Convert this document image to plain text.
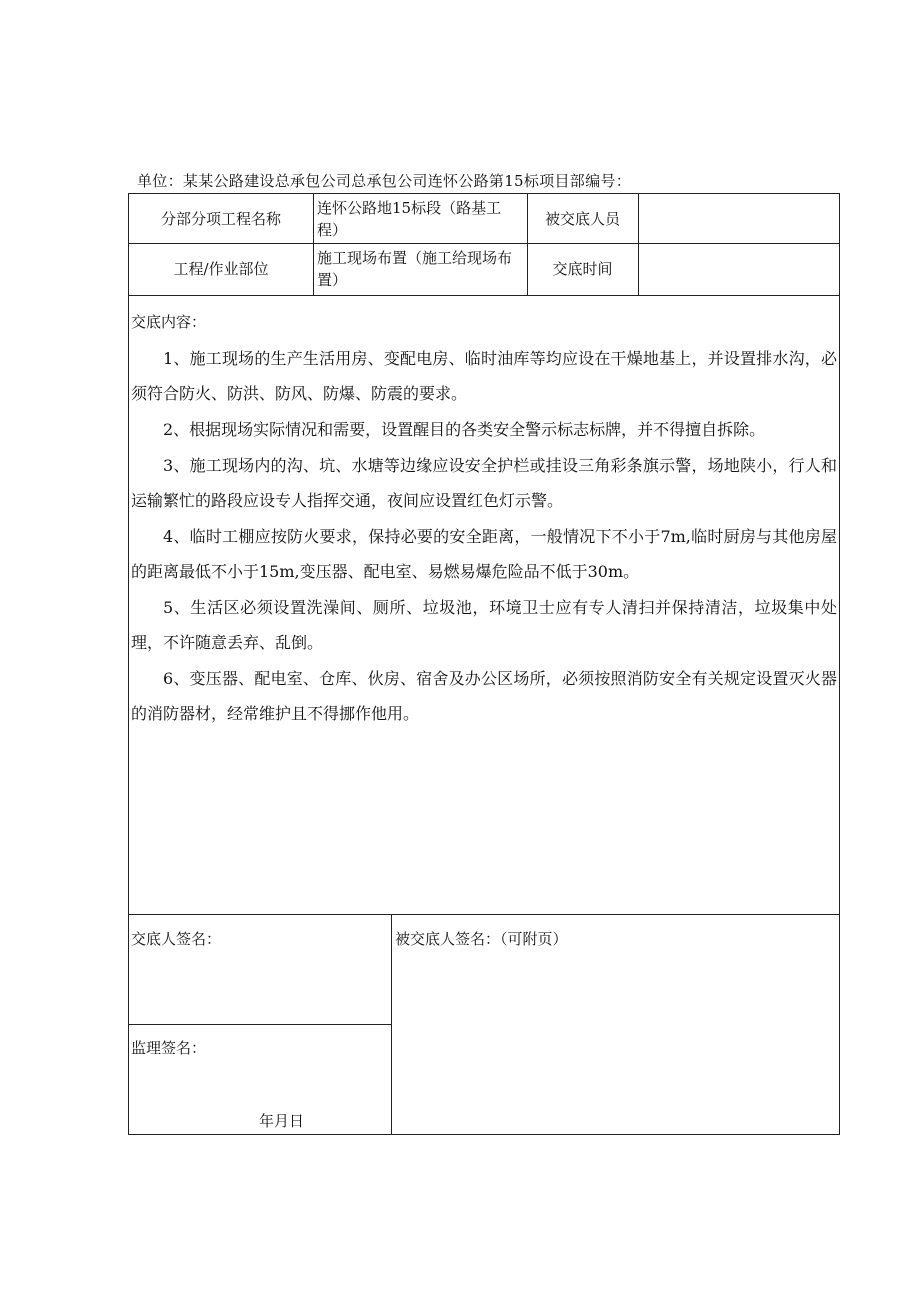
单位：某某公路建设总承包公司总承包公司连怀公路第15标项目部编号：
分部分项工程名称
连怀公路地15标段（路基工程）
被交底人员
工程/作业部位
施工现场布置（施工给现场布置）
交底时间
交底内容：

1、施工现场的生产生活用房、变配电房、临时油库等均应设在干燥地基上，并设置排水沟，必须符合防火、防洪、防风、防爆、防震的要求。

2、根据现场实际情况和需要，设置醒目的各类安全警示标志标牌，并不得擅自拆除。

3、施工现场内的沟、坑、水塘等边缘应设安全护栏或挂设三角彩条旗示警，场地陕小，行人和运输繁忙的路段应设专人指挥交通，夜间应设置红色灯示警。

4、临时工棚应按防火要求，保持必要的安全距离，一般情况下不小于7m,临时厨房与其他房屋的距离最低不小于15m,变压器、配电室、易燃易爆危险品不低于30m。

5、生活区必须设置洗澡间、厕所、垃圾池，环境卫士应有专人清扫并保持清洁，垃圾集中处理，不许随意丢弃、乱倒。

6、变压器、配电室、仓库、伙房、宿舍及办公区场所，必须按照消防安全有关规定设置灭火器的消防器材，经常维护且不得挪作他用。

交底人签名：	被交底人签名：（可附页）
监理签名：
年月日
